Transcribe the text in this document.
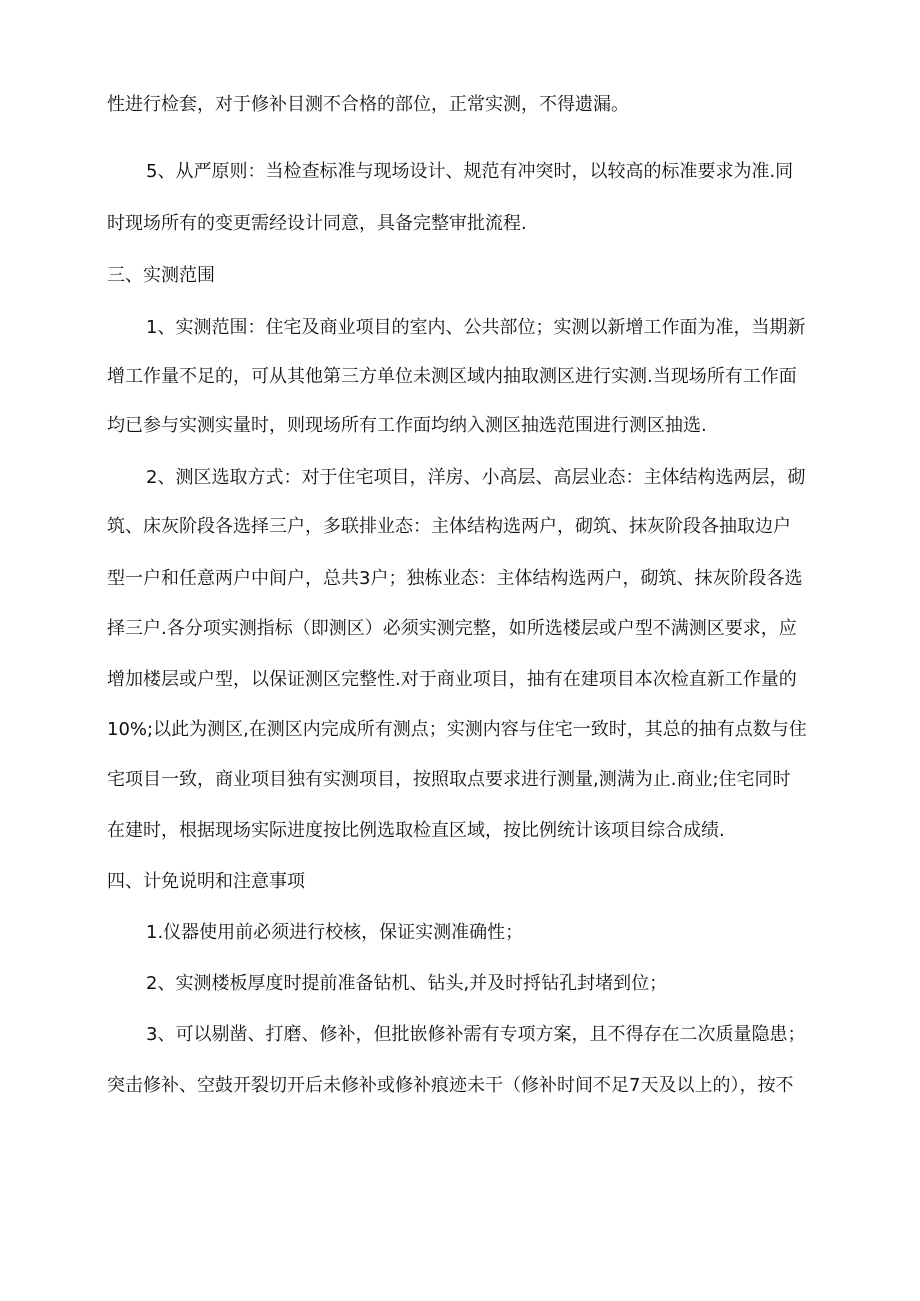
性进行检套，对于修补目测不合格的部位，正常实测，不得遗漏。

5、从严原则：当检查标准与现场设计、规范有冲突时，以较高的标准要求为准.同

时现场所有的变更需经设计同意，具备完整审批流程.

三、实测范围

1、实测范围：住宅及商业项目的室内、公共部位；实测以新增工作面为准，当期新

增工作量不足的，可从其他第三方单位未测区域内抽取测区进行实测.当现场所有工作面

均已参与实测实量时，则现场所有工作面均纳入测区抽选范围进行测区抽选.

2、测区选取方式：对于住宅项目，洋房、小高层、高层业态：主体结构选两层，砌

筑、床灰阶段各选择三户，多联排业态：主体结构选两户，砌筑、抹灰阶段各抽取边户

型一户和任意两户中间户，总共3户；独栋业态：主体结构选两户，砌筑、抹灰阶段各选

择三户.各分项实测指标（即测区）必须实测完整，如所选楼层或户型不满测区要求，应

增加楼层或户型，以保证测区完整性.对于商业项目，抽有在建项目本次检直新工作量的

10%;以此为测区,在测区内完成所有测点；实测内容与住宅一致时，其总的抽有点数与住

宅项目一致，商业项目独有实测项目，按照取点要求进行测量,测满为止.商业;住宅同时

在建时，根据现场实际进度按比例选取检直区域，按比例统计该项目综合成绩.

四、计免说明和注意事项

1.仪器使用前必须进行校核，保证实测准确性；

2、实测楼板厚度时提前准备钻机、钻头,并及时捋钻孔封堵到位；

3、可以剔凿、打磨、修补，但批嵌修补需有专项方案，且不得存在二次质量隐患；

突击修补、空鼓开裂切开后未修补或修补痕迹未干（修补时间不足7天及以上的），按不
